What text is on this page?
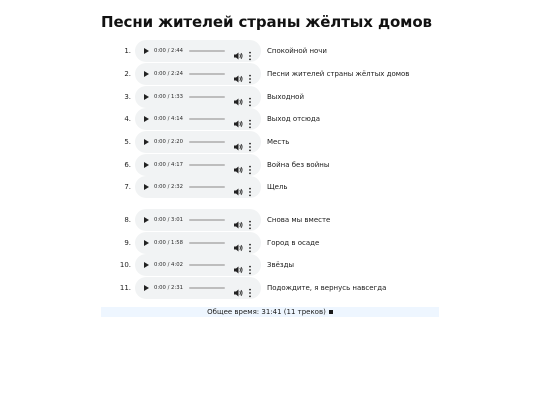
Песни жителей страны жёлтых домов
1.	0:00 / 2:44	Спокойной ночи
2.	0:00 / 2:24	Песни жителей страны жёлтых домов
3.	0:00 / 1:33	Выходной
4.	0:00 / 4:14	Выход отсюда
5.	0:00 / 2:20	Месть
6.	0:00 / 4:17	Война без войны
7.	0:00 / 2:32	Щель
8.	0:00 / 3:01	Снова мы вместе
9.	0:00 / 1:58	Город в осаде
10.	0:00 / 4:02	Звёзды
11.	0:00 / 2:31	Подождите, я вернусь навсегда
Общее время: 31:41 (11 треков)
